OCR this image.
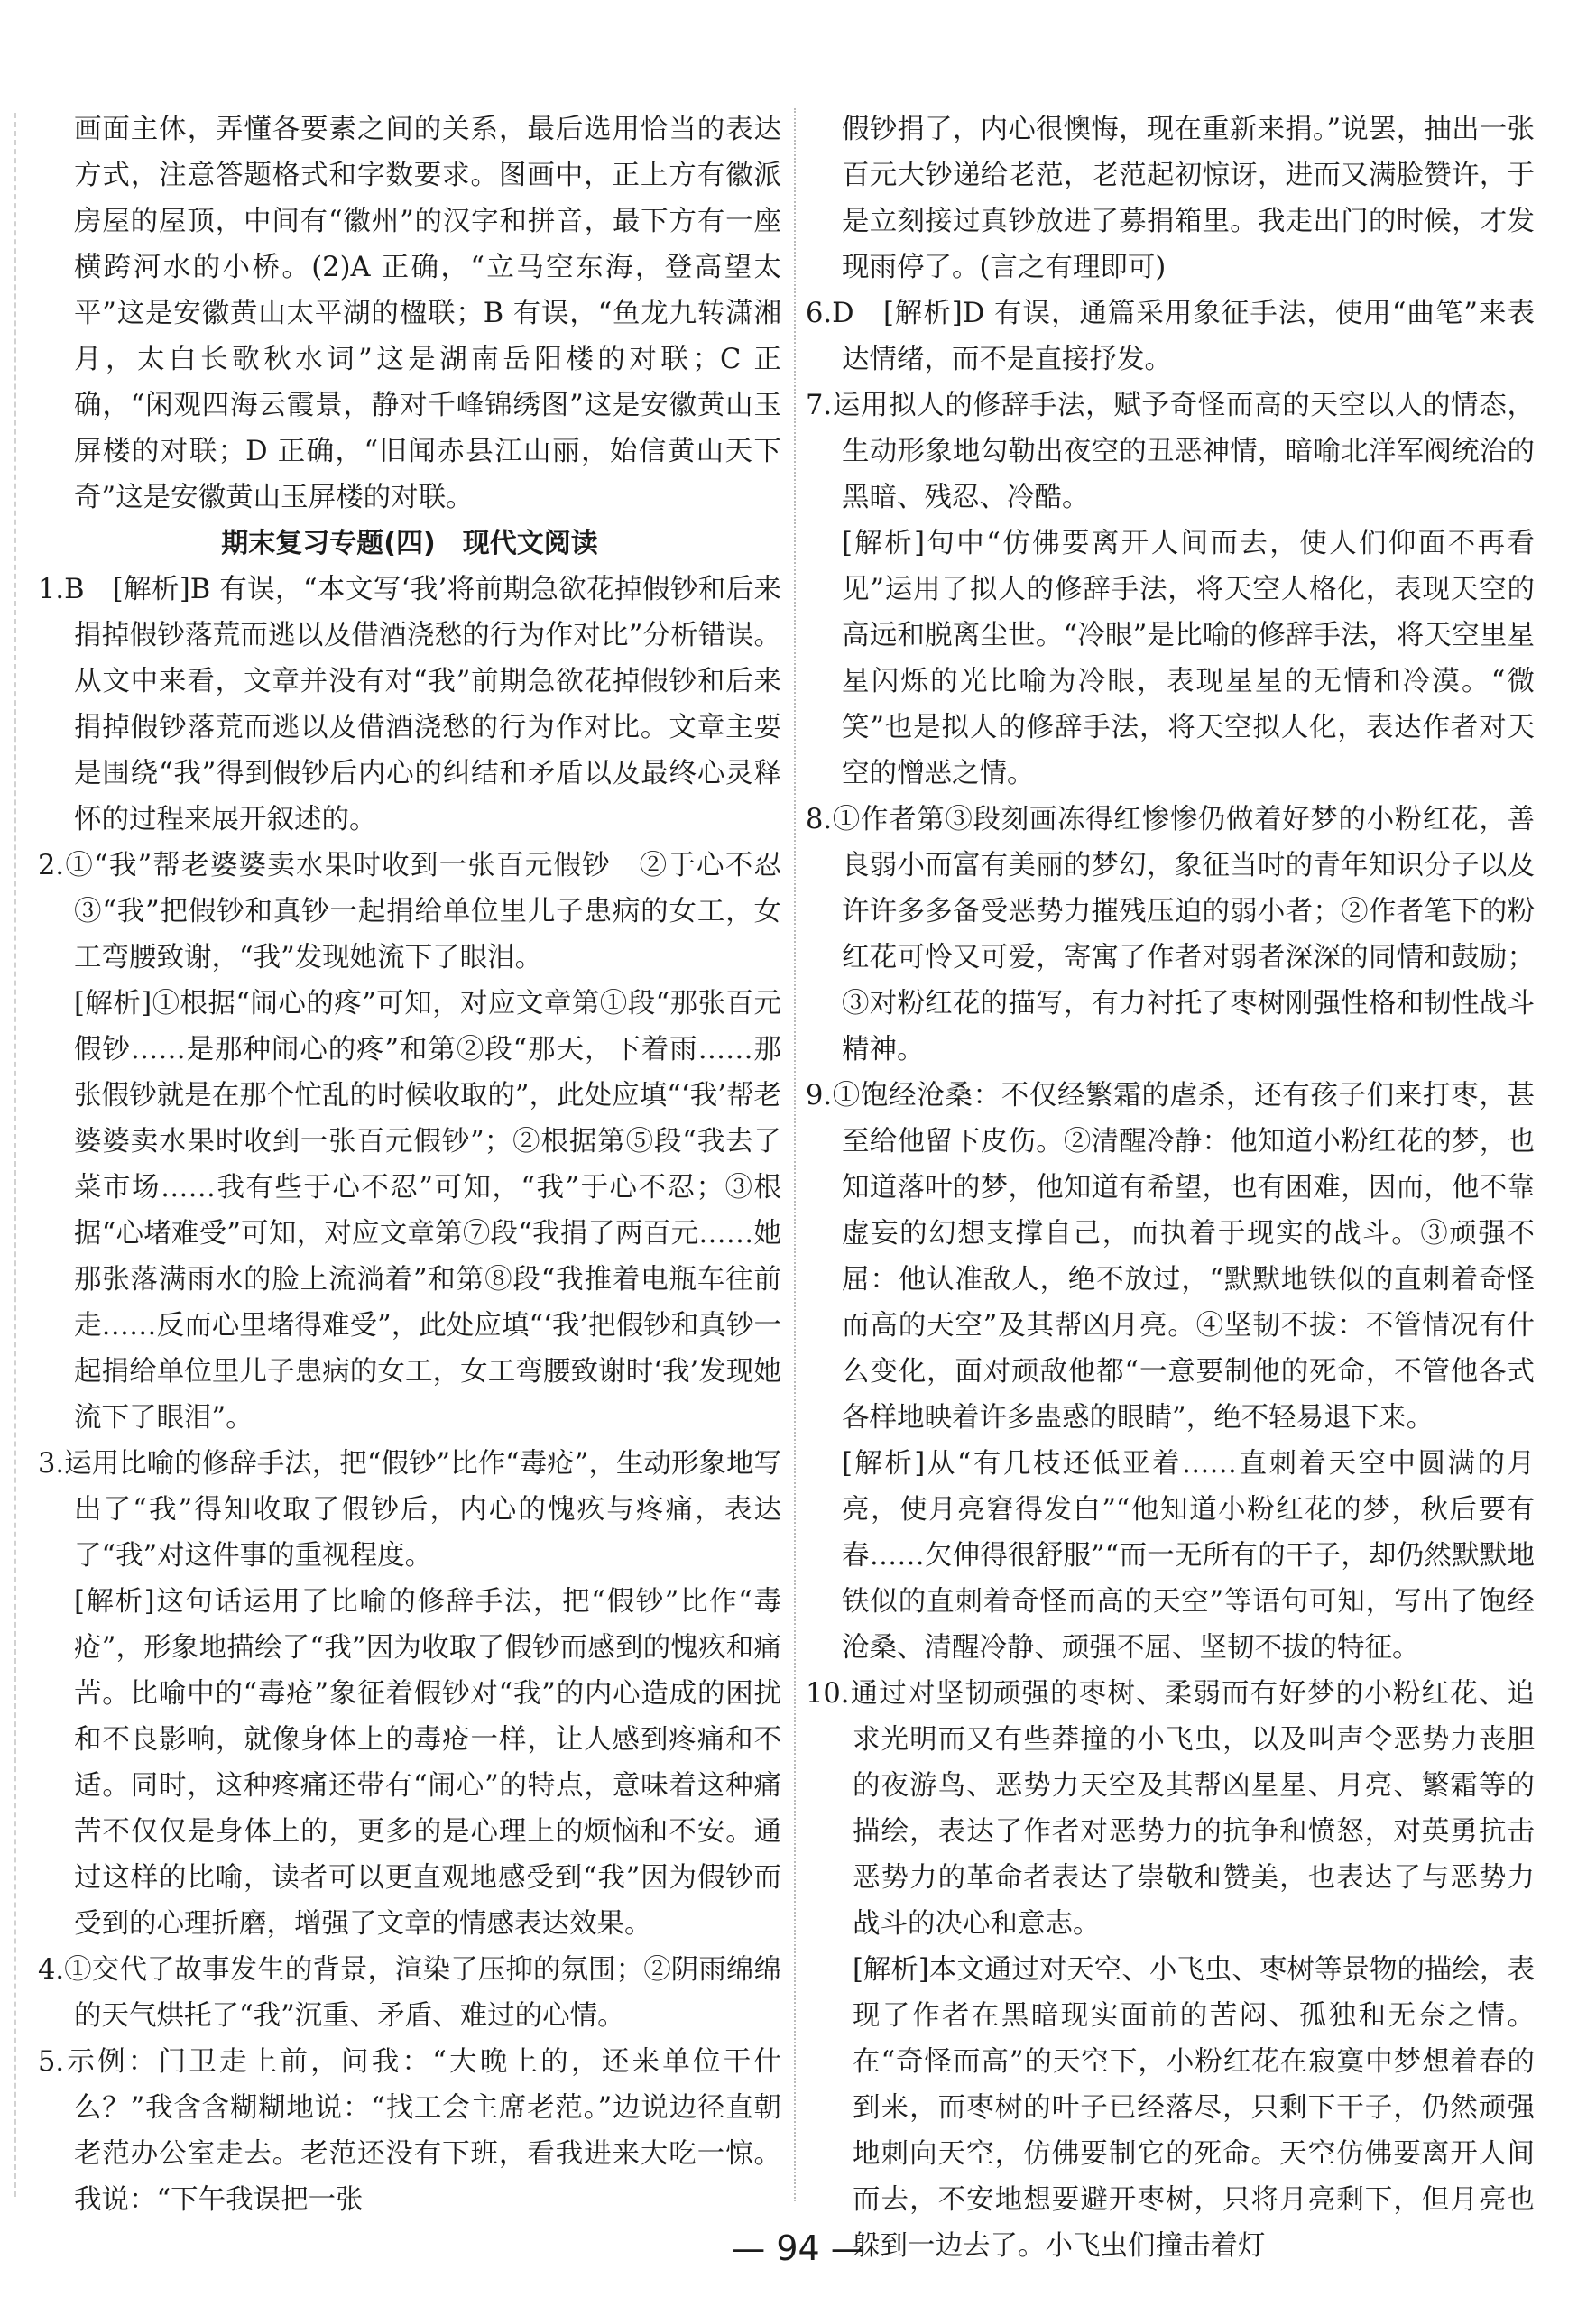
画面主体，弄懂各要素之间的关系，最后选用恰当的表达方式，注意答题格式和字数要求。图画中，正上方有徽派房屋的屋顶，中间有“徽州”的汉字和拼音，最下方有一座横跨河水的小桥。(2)A 正确，“立马空东海，登高望太平”这是安徽黄山太平湖的楹联；B 有误，“鱼龙九转潇湘月，太白长歌秋水词”这是湖南岳阳楼的对联；C 正确，“闲观四海云霞景，静对千峰锦绣图”这是安徽黄山玉屏楼的对联；D 正确，“旧闻赤县江山丽，始信黄山天下奇”这是安徽黄山玉屏楼的对联。

期末复习专题(四)　现代文阅读

1.B　[解析]B 有误，“本文写‘我’将前期急欲花掉假钞和后来捐掉假钞落荒而逃以及借酒浇愁的行为作对比”分析错误。从文中来看，文章并没有对“我”前期急欲花掉假钞和后来捐掉假钞落荒而逃以及借酒浇愁的行为作对比。文章主要是围绕“我”得到假钞后内心的纠结和矛盾以及最终心灵释怀的过程来展开叙述的。

2.①“我”帮老婆婆卖水果时收到一张百元假钞　②于心不忍　③“我”把假钞和真钞一起捐给单位里儿子患病的女工，女工弯腰致谢，“我”发现她流下了眼泪。

[解析]①根据“闹心的疼”可知，对应文章第①段“那张百元假钞……是那种闹心的疼”和第②段“那天，下着雨……那张假钞就是在那个忙乱的时候收取的”，此处应填“‘我’帮老婆婆卖水果时收到一张百元假钞”；②根据第⑤段“我去了菜市场……我有些于心不忍”可知，“我”于心不忍；③根据“心堵难受”可知，对应文章第⑦段“我捐了两百元……她那张落满雨水的脸上流淌着”和第⑧段“我推着电瓶车往前走……反而心里堵得难受”，此处应填“‘我’把假钞和真钞一起捐给单位里儿子患病的女工，女工弯腰致谢时‘我’发现她流下了眼泪”。

3.运用比喻的修辞手法，把“假钞”比作“毒疮”，生动形象地写出了“我”得知收取了假钞后，内心的愧疚与疼痛，表达了“我”对这件事的重视程度。

[解析]这句话运用了比喻的修辞手法，把“假钞”比作“毒疮”，形象地描绘了“我”因为收取了假钞而感到的愧疚和痛苦。比喻中的“毒疮”象征着假钞对“我”的内心造成的困扰和不良影响，就像身体上的毒疮一样，让人感到疼痛和不适。同时，这种疼痛还带有“闹心”的特点，意味着这种痛苦不仅仅是身体上的，更多的是心理上的烦恼和不安。通过这样的比喻，读者可以更直观地感受到“我”因为假钞而受到的心理折磨，增强了文章的情感表达效果。

4.①交代了故事发生的背景，渲染了压抑的氛围；②阴雨绵绵的天气烘托了“我”沉重、矛盾、难过的心情。

5.示例：门卫走上前，问我：“大晚上的，还来单位干什么？”我含含糊糊地说：“找工会主席老范。”边说边径直朝老范办公室走去。老范还没有下班，看我进来大吃一惊。我说：“下午我误把一张

假钞捐了，内心很懊悔，现在重新来捐。”说罢，抽出一张百元大钞递给老范，老范起初惊讶，进而又满脸赞许，于是立刻接过真钞放进了募捐箱里。我走出门的时候，才发现雨停了。(言之有理即可)

6.D　[解析]D 有误，通篇采用象征手法，使用“曲笔”来表达情绪，而不是直接抒发。

7.运用拟人的修辞手法，赋予奇怪而高的天空以人的情态，生动形象地勾勒出夜空的丑恶神情，暗喻北洋军阀统治的黑暗、残忍、冷酷。

[解析]句中“仿佛要离开人间而去，使人们仰面不再看见”运用了拟人的修辞手法，将天空人格化，表现天空的高远和脱离尘世。“冷眼”是比喻的修辞手法，将天空里星星闪烁的光比喻为冷眼，表现星星的无情和冷漠。“微笑”也是拟人的修辞手法，将天空拟人化，表达作者对天空的憎恶之情。

8.①作者第③段刻画冻得红惨惨仍做着好梦的小粉红花，善良弱小而富有美丽的梦幻，象征当时的青年知识分子以及许许多多备受恶势力摧残压迫的弱小者；②作者笔下的粉红花可怜又可爱，寄寓了作者对弱者深深的同情和鼓励；③对粉红花的描写，有力衬托了枣树刚强性格和韧性战斗精神。

9.①饱经沧桑：不仅经繁霜的虐杀，还有孩子们来打枣，甚至给他留下皮伤。②清醒冷静：他知道小粉红花的梦，也知道落叶的梦，他知道有希望，也有困难，因而，他不靠虚妄的幻想支撑自己，而执着于现实的战斗。③顽强不屈：他认准敌人，绝不放过，“默默地铁似的直刺着奇怪而高的天空”及其帮凶月亮。④坚韧不拔：不管情况有什么变化，面对顽敌他都“一意要制他的死命，不管他各式各样地映着许多蛊惑的眼睛”，绝不轻易退下来。

[解析]从“有几枝还低亚着……直刺着天空中圆满的月亮，使月亮窘得发白”“他知道小粉红花的梦，秋后要有春……欠伸得很舒服”“而一无所有的干子，却仍然默默地铁似的直刺着奇怪而高的天空”等语句可知，写出了饱经沧桑、清醒冷静、顽强不屈、坚韧不拔的特征。

10.通过对坚韧顽强的枣树、柔弱而有好梦的小粉红花、追求光明而又有些莽撞的小飞虫，以及叫声令恶势力丧胆的夜游鸟、恶势力天空及其帮凶星星、月亮、繁霜等的描绘，表达了作者对恶势力的抗争和愤怒，对英勇抗击恶势力的革命者表达了崇敬和赞美，也表达了与恶势力战斗的决心和意志。

[解析]本文通过对天空、小飞虫、枣树等景物的描绘，表现了作者在黑暗现实面前的苦闷、孤独和无奈之情。在“奇怪而高”的天空下，小粉红花在寂寞中梦想着春的到来，而枣树的叶子已经落尽，只剩下干子，仍然顽强地刺向天空，仿佛要制它的死命。天空仿佛要离开人间而去，不安地想要避开枣树，只将月亮剩下，但月亮也躲到一边去了。小飞虫们撞击着灯

— 94 —
